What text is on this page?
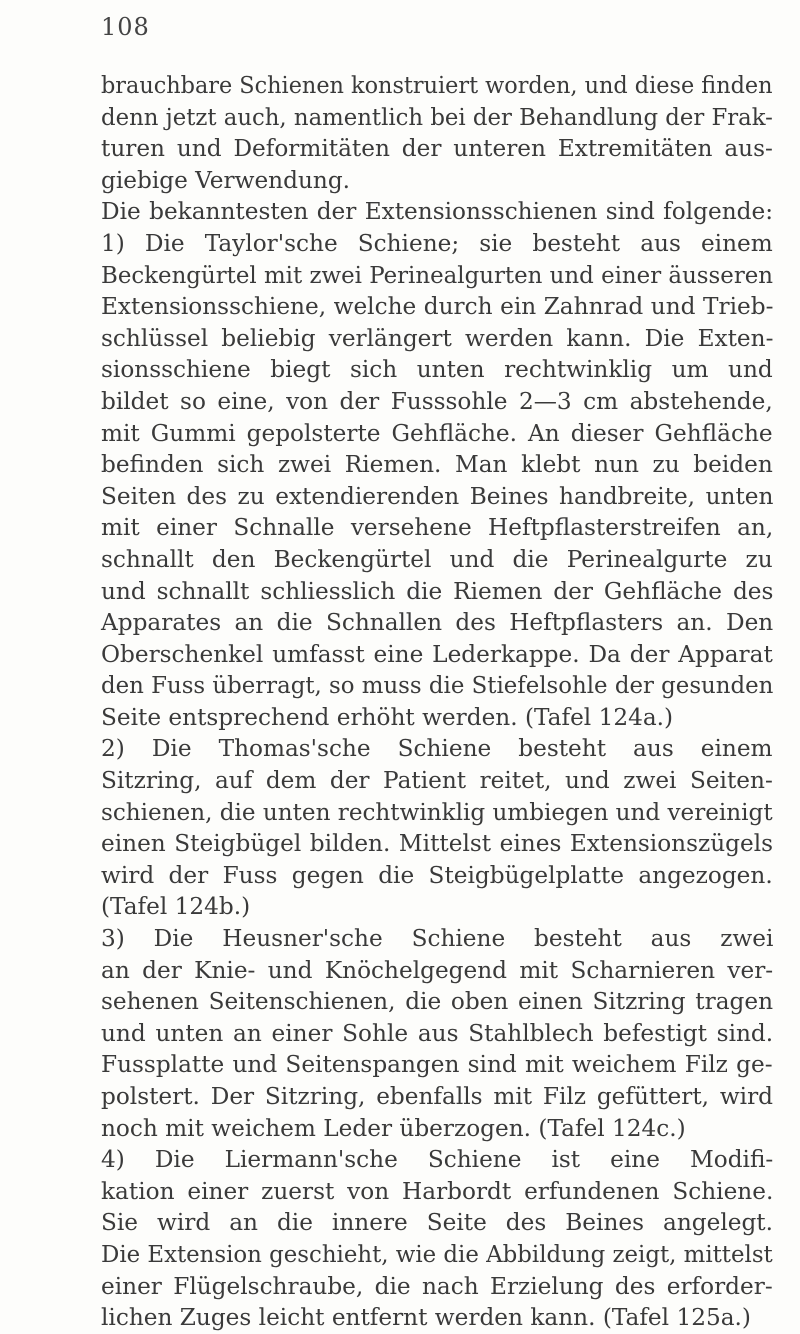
108
brauchbare Schienen konstruiert worden, und diese finden
denn jetzt auch, namentlich bei der Behandlung der Frak-
turen und Deformitäten der unteren Extremitäten aus-
giebige Verwendung.
Die bekanntesten der Extensionsschienen sind folgende:
1) Die Taylor'sche Schiene; sie besteht aus einem
Beckengürtel mit zwei Perinealgurten und einer äusseren
Extensionsschiene, welche durch ein Zahnrad und Trieb-
schlüssel beliebig verlängert werden kann. Die Exten-
sionsschiene biegt sich unten rechtwinklig um und
bildet so eine, von der Fusssohle 2—3 cm abstehende,
mit Gummi gepolsterte Gehfläche. An dieser Gehfläche
befinden sich zwei Riemen. Man klebt nun zu beiden
Seiten des zu extendierenden Beines handbreite, unten
mit einer Schnalle versehene Heftpflasterstreifen an,
schnallt den Beckengürtel und die Perinealgurte zu
und schnallt schliesslich die Riemen der Gehfläche des
Apparates an die Schnallen des Heftpflasters an. Den
Oberschenkel umfasst eine Lederkappe. Da der Apparat
den Fuss überragt, so muss die Stiefelsohle der gesunden
Seite entsprechend erhöht werden. (Tafel 124a.)
2) Die Thomas'sche Schiene besteht aus einem
Sitzring, auf dem der Patient reitet, und zwei Seiten-
schienen, die unten rechtwinklig umbiegen und vereinigt
einen Steigbügel bilden. Mittelst eines Extensionszügels
wird der Fuss gegen die Steigbügelplatte angezogen.
(Tafel 124b.)
3) Die Heusner'sche Schiene besteht aus zwei
an der Knie- und Knöchelgegend mit Scharnieren ver-
sehenen Seitenschienen, die oben einen Sitzring tragen
und unten an einer Sohle aus Stahlblech befestigt sind.
Fussplatte und Seitenspangen sind mit weichem Filz ge-
polstert. Der Sitzring, ebenfalls mit Filz gefüttert, wird
noch mit weichem Leder überzogen. (Tafel 124c.)
4) Die Liermann'sche Schiene ist eine Modifi-
kation einer zuerst von Harbordt erfundenen Schiene.
Sie wird an die innere Seite des Beines angelegt.
Die Extension geschieht, wie die Abbildung zeigt, mittelst
einer Flügelschraube, die nach Erzielung des erforder-
lichen Zuges leicht entfernt werden kann. (Tafel 125a.)
